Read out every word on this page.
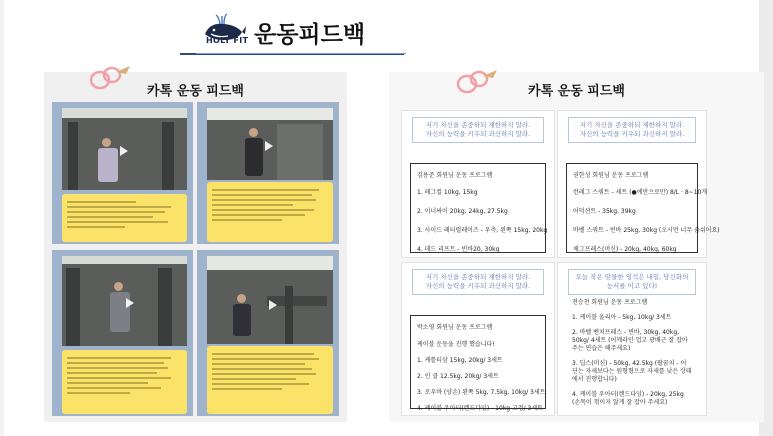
HOLY FIT 운동피드백
카톡 운동 피드백	카톡 운동 피드백
저기 자신을 존중하되 제한하지 말라.
자신의 능력을 키우되 과신하지 말라.
김용준 회원님 운동 프로그램
1. 레그컬 10kg, 15kg
2. 이너싸이 20kg, 24kg, 27.5kg
3. 사이드 레터럴레이즈 - 우측, 왼쪽 15kg, 20kg
4. 데드 리프트 - 빈바20, 30kg
저기 자신을 존중하되 제한하지 말라.
자신의 능력을 키우되 과신하지 말라.
권한성 회원님 운동 프로그램
런레그 스쿼트 - 세트 (●에만으로만) 8/L · 8~10개
어덕션트 - 35kg, 39kg
바벨 스쿼트 - 빈바 25kg, 30kg (오시먼 너무 숨쉬어요)
체그프레스(머신) - 20kg, 40kg, 60kg
저기 자신을 존중하되 제한하지 말라.
자신의 능력을 키우되 과신하지 말라.
박소영 회원님 운동 프로그램
케이블 운동을 진행 했습니다!
1. 케틀티삼 15kg, 20kg/ 3세트
2. 인 클 12.5kg, 20kg/ 3세트
3. 로우바 (양손) 왼쪽 5kg, 7.5kg, 10kg/ 3세트
4. 케이블 우아터(렌드다잉) - 10kg 고정/ 3세트
오늘 작은 맞물한 영석은 내일, 당신화의
능서를 이고 있다!
전승천 회원님 운동 프로그램
1. 케이블 올리아 - 5kg, 10kg/ 3세트
2. 바벨 벤치프레스 - 빈바, 30kg, 40kg, 50kg/ 4세트 (어깨라인 업고 광배근 잘 잡아주는 연습은 해주세요)
3. 딥스(머신) - 50kg, 42.5kg (팔꿈치 - 어딘는 자세보다는 원형형으로 자세를 낮은 상태에서 진행합니다)
4. 케이블 우아터(렌드다잉) - 20kg, 25kg (손목이 꺾이지 않게 잘 잡아 주세요)
